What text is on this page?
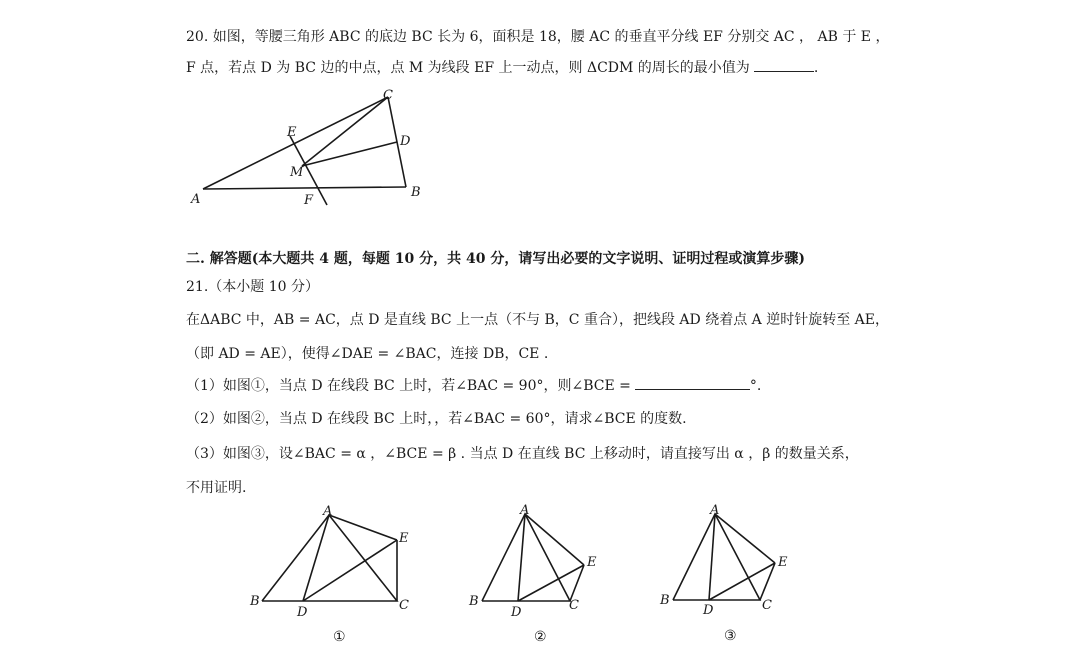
20. 如图，等腰三角形 ABC 的底边 BC 长为 6，面积是 18，腰 AC 的垂直平分线 EF 分别交 AC ， AB 于 E ，
F 点，若点 D 为 BC 边的中点，点 M 为线段 EF 上一动点，则 ΔCDM 的周长的最小值为	.
A	B
C
D
E
F
M
A
B	C
D
E
①
A
B	C
D
E
②
A
B	C
D
E
③
二. 解答题(本大题共 4 题，每题 10 分，共 40 分，请写出必要的文字说明、证明过程或演算步骤)
21.（本小题 10 分）
在ΔABC 中，AB = AC，点 D 是直线 BC 上一点（不与 B，C 重合），把线段 AD 绕着点 A 逆时针旋转至 AE，
（即 AD = AE），使得∠DAE = ∠BAC，连接 DB，CE .
（1）如图①，当点 D 在线段 BC 上时，若∠BAC = 90°，则∠BCE =	°.
（2）如图②，当点 D 在线段 BC 上时，，若∠BAC = 60°，请求∠BCE 的度数.
（3）如图③，设∠BAC = α ，∠BCE = β . 当点 D 在直线 BC 上移动时，请直接写出 α ，β 的数量关系，
不用证明.
